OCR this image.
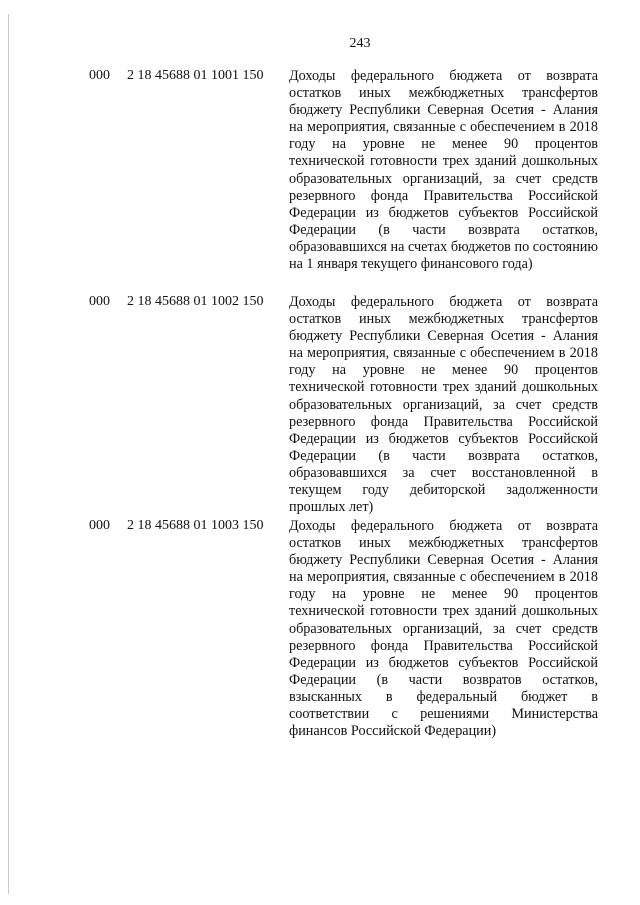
243
000 2 18 45688 01 1001 150 Доходы федерального бюджета от возврата остатков иных межбюджетных трансфертов бюджету Республики Северная Осетия - Алания на мероприятия, связанные с обеспечением в 2018 году на уровне не менее 90 процентов технической готовности трех зданий дошкольных образовательных организаций, за счет средств резервного фонда Правительства Российской Федерации из бюджетов субъектов Российской Федерации (в части возврата остатков, образовавшихся на счетах бюджетов по состоянию на 1 января текущего финансового года)
000 2 18 45688 01 1002 150 Доходы федерального бюджета от возврата остатков иных межбюджетных трансфертов бюджету Республики Северная Осетия - Алания на мероприятия, связанные с обеспечением в 2018 году на уровне не менее 90 процентов технической готовности трех зданий дошкольных образовательных организаций, за счет средств резервного фонда Правительства Российской Федерации из бюджетов субъектов Российской Федерации (в части возврата остатков, образовавшихся за счет восстановленной в текущем году дебиторской задолженности прошлых лет)
000 2 18 45688 01 1003 150 Доходы федерального бюджета от возврата остатков иных межбюджетных трансфертов бюджету Республики Северная Осетия - Алания на мероприятия, связанные с обеспечением в 2018 году на уровне не менее 90 процентов технической готовности трех зданий дошкольных образовательных организаций, за счет средств резервного фонда Правительства Российской Федерации из бюджетов субъектов Российской Федерации (в части возвратов остатков, взысканных в федеральный бюджет в соответствии с решениями Министерства финансов Российской Федерации)
